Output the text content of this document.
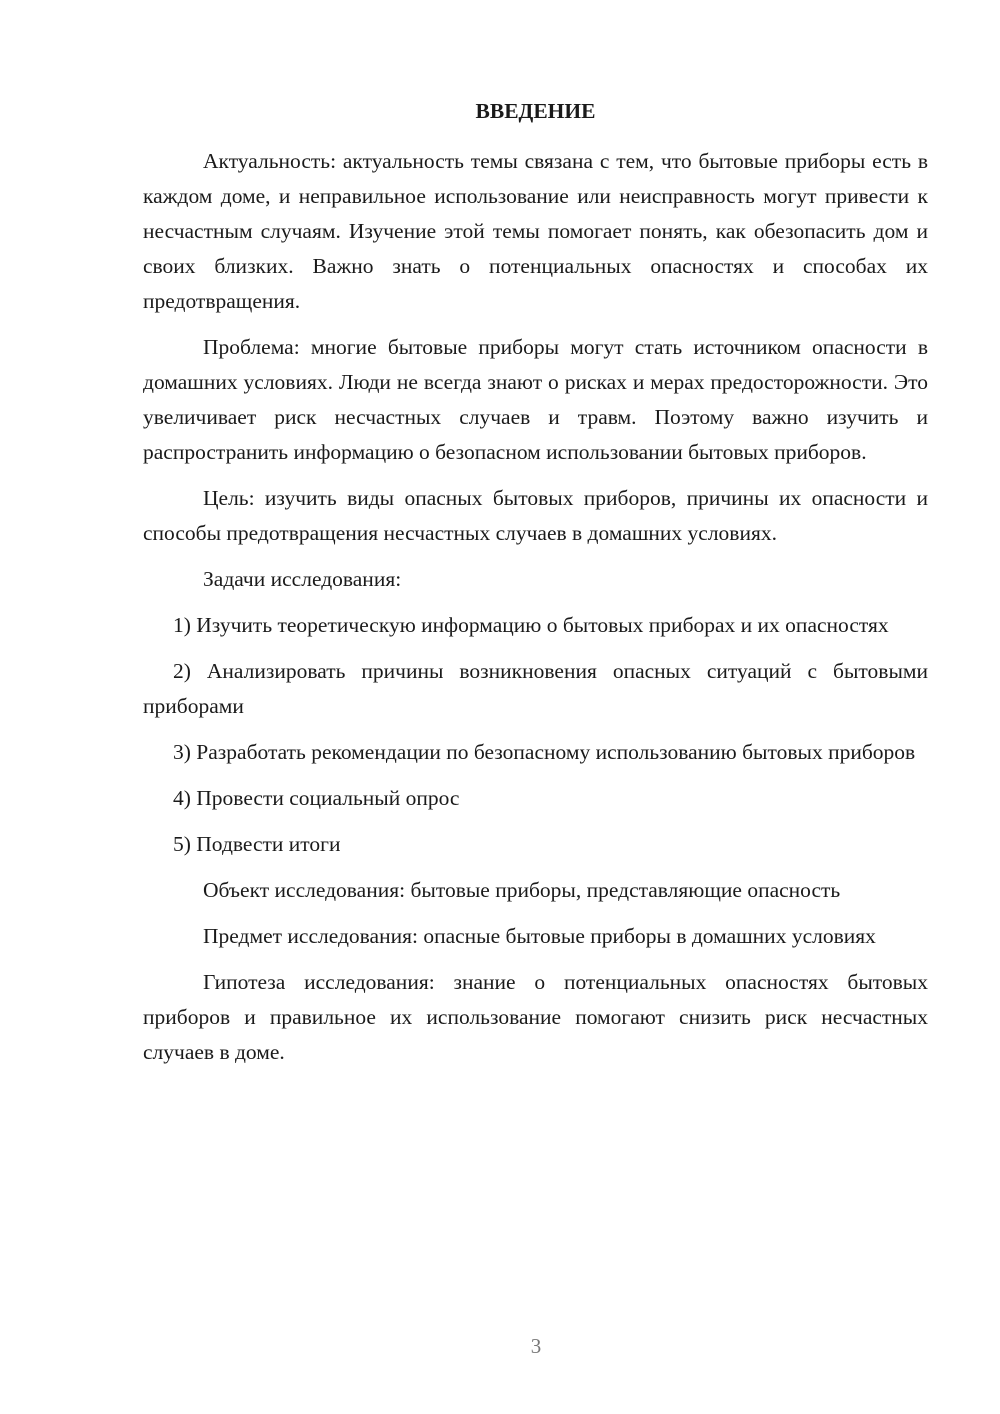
ВВЕДЕНИЕ

Актуальность: актуальность темы связана с тем, что бытовые приборы есть в каждом доме, и неправильное использование или неисправность могут привести к несчастным случаям. Изучение этой темы помогает понять, как обезопасить дом и своих близких. Важно знать о потенциальных опасностях и способах их предотвращения.

Проблема: многие бытовые приборы могут стать источником опасности в домашних условиях. Люди не всегда знают о рисках и мерах предосторожности. Это увеличивает риск несчастных случаев и травм. Поэтому важно изучить и распространить информацию о безопасном использовании бытовых приборов.

Цель: изучить виды опасных бытовых приборов, причины их опасности и способы предотвращения несчастных случаев в домашних условиях.

Задачи исследования:

1) Изучить теоретическую информацию о бытовых приборах и их опасностях

2) Анализировать причины возникновения опасных ситуаций с бытовыми приборами

3) Разработать рекомендации по безопасному использованию бытовых приборов

4) Провести социальный опрос

5) Подвести итоги

Объект исследования: бытовые приборы, представляющие опасность

Предмет исследования: опасные бытовые приборы в домашних условиях

Гипотеза исследования: знание о потенциальных опасностях бытовых приборов и правильное их использование помогают снизить риск несчастных случаев в доме.

3
